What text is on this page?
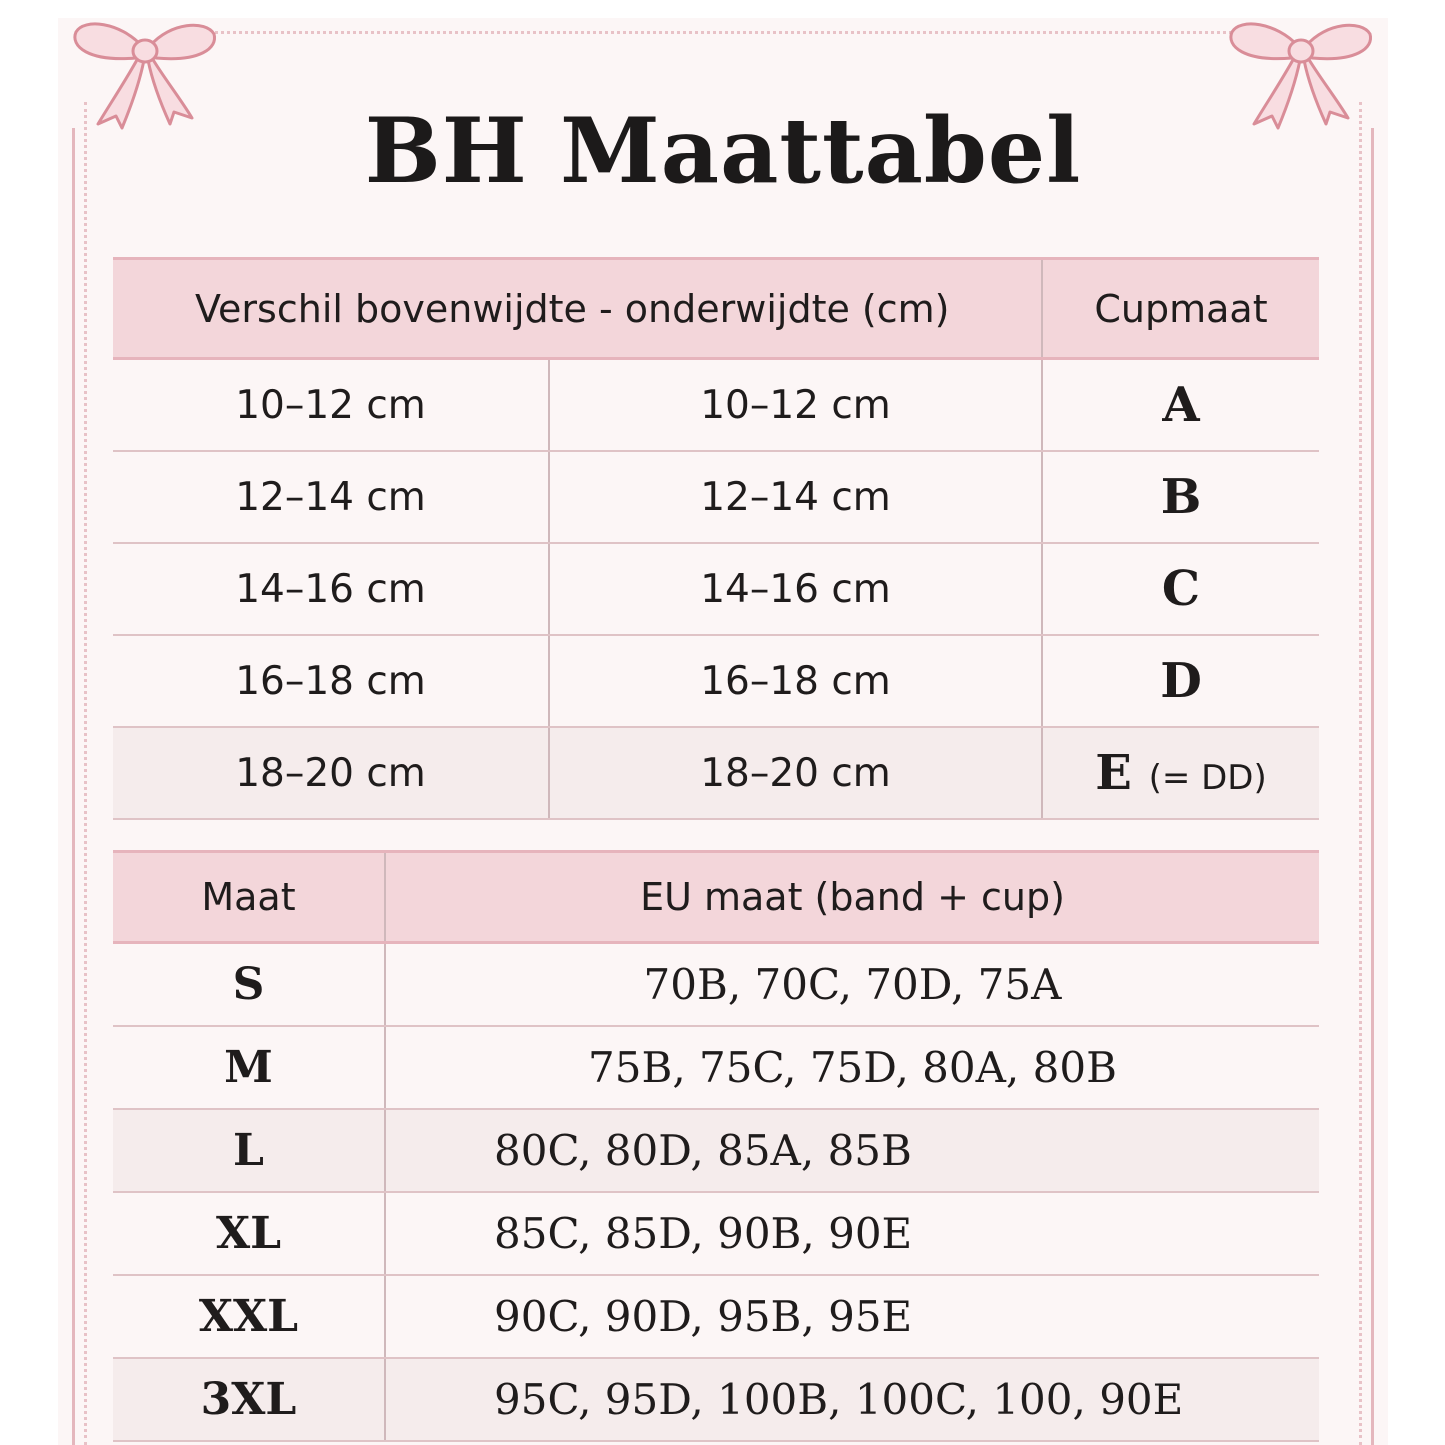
BH Maattabel
Verschil bovenwijdte - onderwijdte (cm)		Cupmaat
10–12 cm	10–12 cm	A
12–14 cm	12–14 cm	B
14–16 cm	14–16 cm	C
16–18 cm	16–18 cm	D
18–20 cm	18–20 cm	E (= DD)
Maat	EU maat (band + cup)
S	70B, 70C, 70D, 75A
M	75B, 75C, 75D, 80A, 80B
L	80C, 80D, 85A, 85B
XL	85C, 85D, 90B, 90E
XXL	90C, 90D, 95B, 95E
3XL	95C, 95D, 100B, 100C, 100, 90E
